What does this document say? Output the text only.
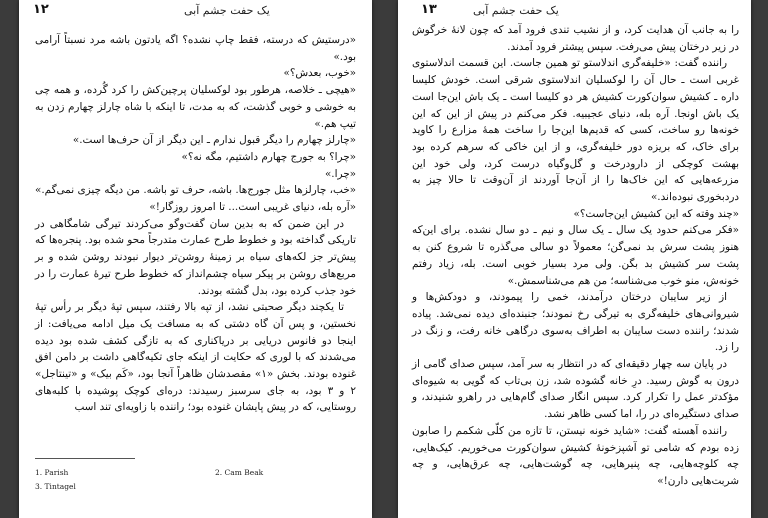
یک حفت جشم آبی
۱۲

«درستیش که درسته، فقط چاپ نشده؟ اگه یادتون باشه مرد نسبتاً آرامی بود.»

«خوب، بعدش؟»

«هیچی ـ خلاصه، هرطور بود لوکسلیان پرچین‌کش را کرد گُرده، و همه چی به خوشی و خوبی گذشت، که به مدت، تا اینکه با شاه چارلز چهارم زدن به تیپ هم.»

«چارلز چهارم را دیگر قبول ندارم ـ این دیگر از آن حرف‌ها است.»

«چرا؟ به جورج چهارم داشتیم، مگه نه؟»

«چرا.»

«خب، چارلزها مثل جورج‌ها. باشه، حرف تو باشه. من دیگه چیزی نمی‌گم.» «آره بله، دنیای غریبی است... تا امروز روزگار!»

در این ضمن که به بدین سان گفت‌وگو می‌کردند تیرگی شامگاهی در تاریکی گداخته بود و خطوط طرح عمارت متدرجاً محو شده بود. پنجره‌ها که پیش‌تر جز لکه‌های سیاه بر زمینهٔ روشن‌تر دیوار نبودند روشن شده و بر مربع‌های روشن بر پیکر سیاه چشم‌انداز که خطوط طرح تیرهٔ عمارت را در خود جذب کرده بود، بدل گشته بودند.

تا یکچند دیگر صحبتی نشد، از تپه بالا رفتند، سپس تپهٔ دیگر بر رأس تپهٔ نخستین، و پس آن گاه دشتی که به مسافت یک میل ادامه می‌یافت: از اینجا دو فانوس دریایی بر دریاکناری که به تازگی کشف شده بود دیده می‌شدند که با لوری که حکایت از اینکه جای تکیه‌گاهی داشت بر دامن افق غنوده بودند. بخش «۱» مقصدشان ظاهراً آنجا بود، «کَم بیک» و «تینتاجل» ۲ و ۳ بود، به جای سرسبز رسیدند: دره‌ای کوچک پوشیده با کلبه‌های روستایی، که در پیش پایشان غنوده بود؛ راننده با زاویه‌ای تند اسب

1. Parish	2. Cam Beak
3. Tintagel
یک حفت جشم آبی
۱۳

را به جانب آن هدایت کرد، و از نشیب تندی فرود آمد که چون لانهٔ خرگوش در زیر درختان پیش می‌رفت. سپس پیشتر فرود آمدند.

راننده گفت: «خلیفه‌گری اندلاستو تو همین جاست. این قسمت اندلاستوی غربی است ـ حال آن را لوکسلیان اندلاستوی شرقی است. خودش کلیسا داره ـ کشیش سوان‌کورت کشیش هر دو کلیسا است ـ یک باش این‌جا است یک باش اونجا. آره بله، دنیای عجیبیه. فکر می‌کنم در پیش از این که این خونه‌ها رو ساخت، کسی که قدیم‌ها این‌جا را ساخت همهٔ مزارع را کاوید برای خاک، که بریزه دور خلیفه‌گری، و از این خاکی که سرهم کرده بود بهشت کوچکی از دارودرخت و گل‌وگیاه درست کرد، ولی خود این مزرعه‌هایی که این خاک‌ها را از آن‌جا آوردند از آن‌وقت تا حالا چیز به دردبخوری نبوده‌اند.»

«چند وقته که این کشیش این‌جاست؟»

«فکر می‌کنم حدود یک سال ـ یک سال و نیم ـ دو سال نشده. برای این‌که هنوز پشت سرش بد نمی‌گن؛ معمولاً دو سالی می‌گذره تا شروع کنن به پشت سر کشیش بد بگن. ولی مرد بسیار خوبی است. بله، زیاد رفتم خونه‌ش، منو خوب می‌شناسه؛ من هم می‌شناسمش.»

از زیر سایبان درختان درآمدند، خمی را پیمودند، و دودکش‌ها و شیروانی‌های خلیفه‌گری به تیرگی رخ نمودند؛ جنبنده‌ای دیده نمی‌شد. پیاده شدند؛ راننده دست سایبان به اطراف به‌سوی درگاهی خانه رفت، و زنگ در را زد.

در پایان سه چهار دقیقه‌ای که در انتظار به سر آمد، سپس صدای گامی از درون به گوش رسید. درِ خانه گشوده شد، زن بی‌تاب که گویی به شیوه‌ای مؤکدتر عمل را تکرار کرد. سپس انگار صدای گام‌هایی در راهرو شنیدند، و صدای دستگیره‌ای در را، اما کسی ظاهر نشد.

راننده آهسته گفت: «شاید خونه نیستن، تا تازه من کلّی شکمم را صابون زده بودم که شامی تو آشپزخونهٔ کشیش سوان‌کورت می‌خوریم. کیک‌هایی، چه کلوچه‌هایی، چه پنیرهایی، چه گوشت‌هایی، چه عرق‌هایی، و چه شربت‌هایی دارن!»
